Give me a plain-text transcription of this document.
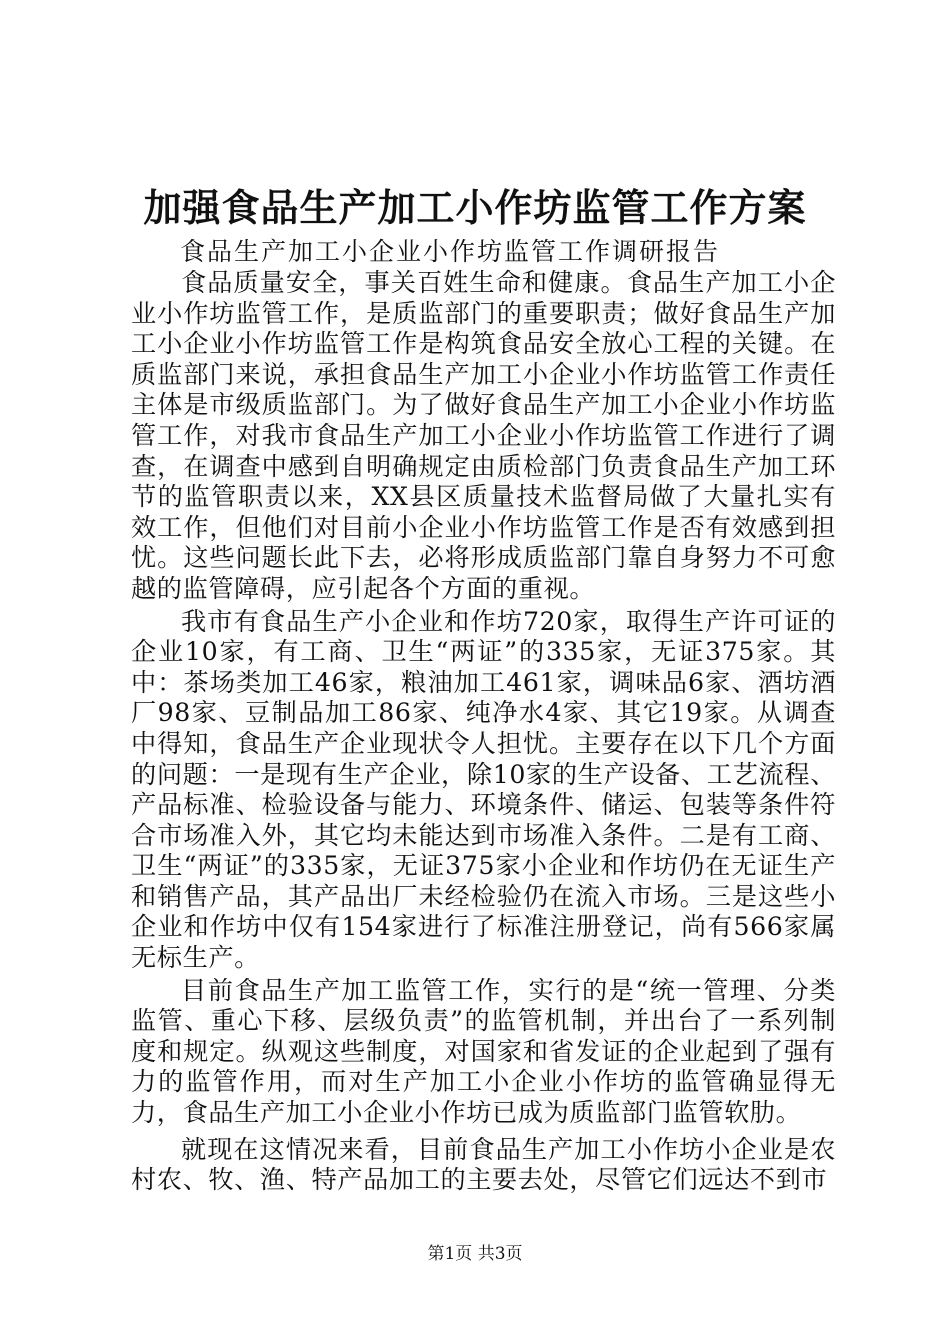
加强食品生产加工小作坊监管工作方案
食品生产加工小企业小作坊监管工作调研报告

食品质量安全，事关百姓生命和健康。食品生产加工小企业小作坊监管工作，是质监部门的重要职责；做好食品生产加工小企业小作坊监管工作是构筑食品安全放心工程的关键。在质监部门来说，承担食品生产加工小企业小作坊监管工作责任主体是市级质监部门。为了做好食品生产加工小企业小作坊监管工作，对我市食品生产加工小企业小作坊监管工作进行了调查，在调查中感到自明确规定由质检部门负责食品生产加工环节的监管职责以来，XX县区质量技术监督局做了大量扎实有效工作，但他们对目前小企业小作坊监管工作是否有效感到担忧。这些问题长此下去，必将形成质监部门靠自身努力不可愈越的监管障碍，应引起各个方面的重视。

我市有食品生产小企业和作坊720家，取得生产许可证的企业10家，有工商、卫生“两证”的335家，无证375家。其中：茶场类加工46家，粮油加工461家，调味品6家、酒坊酒厂98家、豆制品加工86家、纯净水4家、其它19家。从调查中得知，食品生产企业现状令人担忧。主要存在以下几个方面的问题：一是现有生产企业，除10家的生产设备、工艺流程、产品标准、检验设备与能力、环境条件、储运、包装等条件符合市场准入外，其它均未能达到市场准入条件。二是有工商、卫生“两证”的335家，无证375家小企业和作坊仍在无证生产和销售产品，其产品出厂未经检验仍在流入市场。三是这些小企业和作坊中仅有154家进行了标准注册登记，尚有566家属无标生产。

目前食品生产加工监管工作，实行的是“统一管理、分类监管、重心下移、层级负责”的监管机制，并出台了一系列制度和规定。纵观这些制度，对国家和省发证的企业起到了强有力的监管作用，而对生产加工小企业小作坊的监管确显得无力，食品生产加工小企业小作坊已成为质监部门监管软肋。

就现在这情况来看，目前食品生产加工小作坊小企业是农村农、牧、渔、特产品加工的主要去处，尽管它们远达不到市

第1页 共3页
